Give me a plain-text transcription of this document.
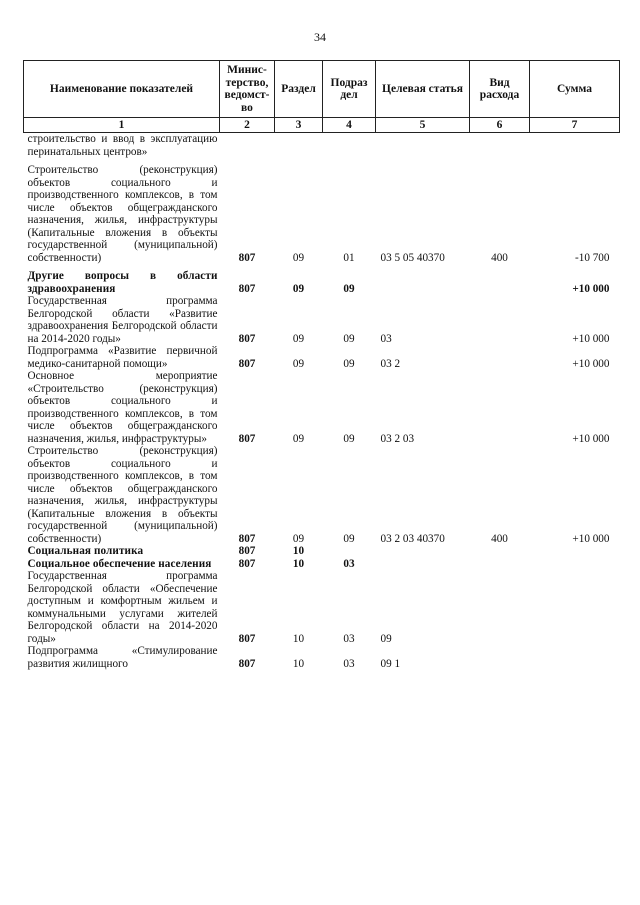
34
Наименование показателей	Минис-терство, ведомст-во	Раздел	Подраз дел	Целевая статья	Вид расхода	Сумма
1	2	3	4	5	6	7
строительство и ввод в эксплуатацию перинатальных центров»						

Строительство (реконструкция) объектов социального и производственного комплексов, в том числе объектов общегражданского назначения, жилья, инфраструктуры (Капитальные вложения в объекты государственной (муниципальной) собственности)	807	09	01	03 5 05 40370	400	-10 700

Другие вопросы в области здравоохранения	807	09	09			+10 000
Государственная программа Белгородской области «Развитие здравоохранения Белгородской области на 2014-2020 годы»	807	09	09	03		+10 000
Подпрограмма «Развитие первичной медико-санитарной помощи»	807	09	09	03 2		+10 000
Основное мероприятие «Строительство (реконструкция) объектов социального и производственного комплексов, в том числе объектов общегражданского назначения, жилья, инфраструктуры»	807	09	09	03 2 03		+10 000
Строительство (реконструкция) объектов социального и производственного комплексов, в том числе объектов общегражданского назначения, жилья, инфраструктуры (Капитальные вложения в объекты государственной (муниципальной) собственности)	807	09	09	03 2 03 40370	400	+10 000
Социальная политика	807	10				
Социальное обеспечение населения	807	10	03			
Государственная программа Белгородской области «Обеспечение доступным и комфортным жильем и коммунальными услугами жителей Белгородской области на 2014-2020 годы»	807	10	03	09		
Подпрограмма «Стимулирование развития жилищного	807	10	03	09 1		
